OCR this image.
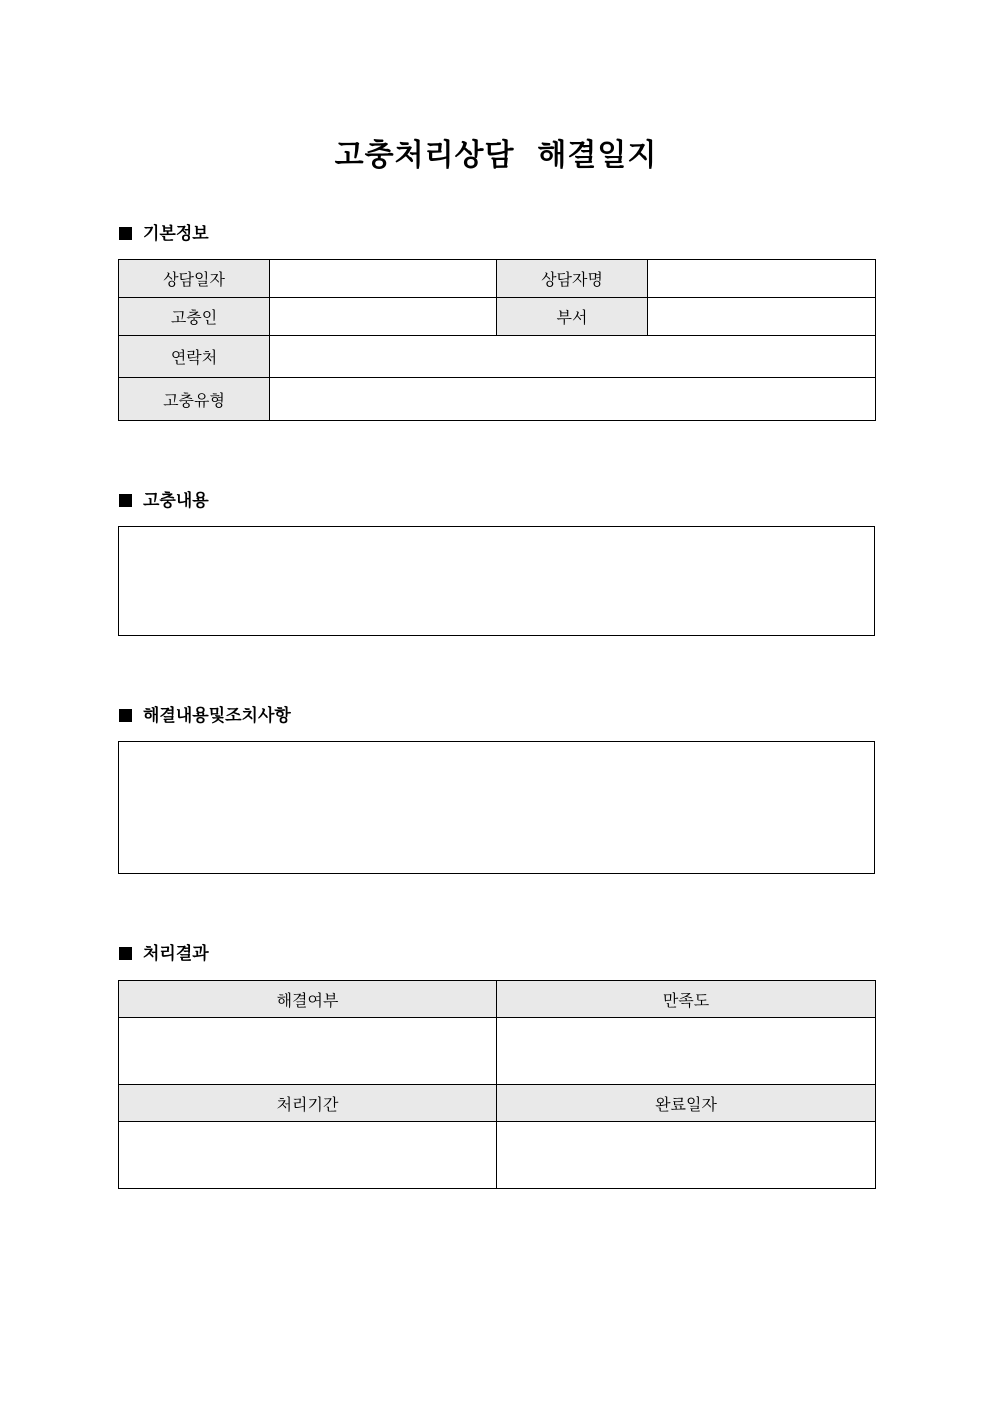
고충처리상담  해결일지
기본정보
상담일자		상담자명	
고충인		부서	
연락처			
고충유형			
고충내용
해결내용및조치사항
처리결과
해결여부	만족도

처리기간	완료일자
